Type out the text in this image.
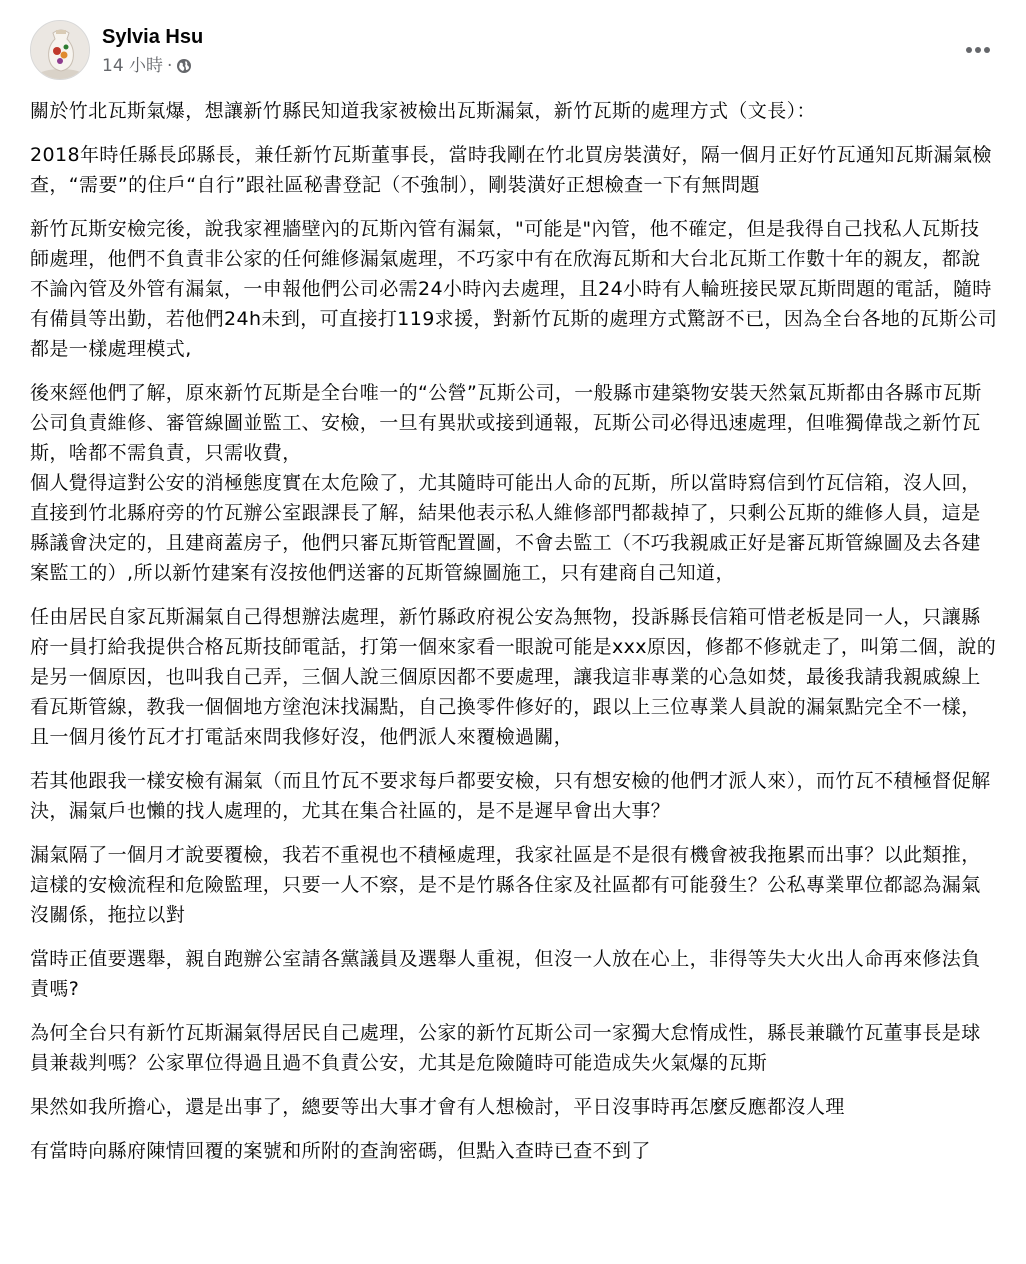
Sylvia Hsu
14 小時 ·

關於竹北瓦斯氣爆，想讓新竹縣民知道我家被檢出瓦斯漏氣，新竹瓦斯的處理方式（文長）：

2018年時任縣長邱縣長，兼任新竹瓦斯董事長，當時我剛在竹北買房裝潢好，隔一個月正好竹瓦通知瓦斯漏氣檢查，“需要”的住戶“自行”跟社區秘書登記（不強制），剛裝潢好正想檢查一下有無問題

新竹瓦斯安檢完後，說我家裡牆壁內的瓦斯內管有漏氣，"可能是"內管，他不確定，但是我得自己找私人瓦斯技師處理，他們不負責非公家的任何維修漏氣處理，不巧家中有在欣海瓦斯和大台北瓦斯工作數十年的親友，都說不論內管及外管有漏氣，一申報他們公司必需24小時內去處理，且24小時有人輪班接民眾瓦斯問題的電話，隨時有備員等出勤，若他們24h未到，可直接打119求援，對新竹瓦斯的處理方式驚訝不已，因為全台各地的瓦斯公司都是一樣處理模式,

後來經他們了解，原來新竹瓦斯是全台唯一的“公營”瓦斯公司，一般縣市建築物安裝天然氣瓦斯都由各縣市瓦斯公司負責維修、審管線圖並監工、安檢，一旦有異狀或接到通報，瓦斯公司必得迅速處理，但唯獨偉哉之新竹瓦斯，啥都不需負責，只需收費，

個人覺得這對公安的消極態度實在太危險了，尤其隨時可能出人命的瓦斯，所以當時寫信到竹瓦信箱，沒人回，直接到竹北縣府旁的竹瓦辦公室跟課長了解，結果他表示私人維修部門都裁掉了，只剩公瓦斯的維修人員，這是縣議會決定的，且建商蓋房子，他們只審瓦斯管配置圖，不會去監工（不巧我親戚正好是審瓦斯管線圖及去各建案監工的）,所以新竹建案有沒按他們送審的瓦斯管線圖施工，只有建商自己知道，

任由居民自家瓦斯漏氣自己得想辦法處理，新竹縣政府視公安為無物，投訴縣長信箱可惜老板是同一人，只讓縣府一員打給我提供合格瓦斯技師電話，打第一個來家看一眼說可能是xxx原因，修都不修就走了，叫第二個，說的是另一個原因，也叫我自己弄，三個人說三個原因都不要處理，讓我這非專業的心急如焚，最後我請我親戚線上看瓦斯管線，教我一個個地方塗泡沫找漏點，自己換零件修好的，跟以上三位專業人員說的漏氣點完全不一樣，且一個月後竹瓦才打電話來問我修好沒，他們派人來覆檢過關，

若其他跟我一樣安檢有漏氣（而且竹瓦不要求每戶都要安檢，只有想安檢的他們才派人來），而竹瓦不積極督促解決，漏氣戶也懶的找人處理的，尤其在集合社區的，是不是遲早會出大事？

漏氣隔了一個月才說要覆檢，我若不重視也不積極處理，我家社區是不是很有機會被我拖累而出事？以此類推，這樣的安檢流程和危險監理，只要一人不察，是不是竹縣各住家及社區都有可能發生？公私專業單位都認為漏氣沒關係，拖拉以對

當時正值要選舉，親自跑辦公室請各黨議員及選舉人重視，但沒一人放在心上，非得等失大火出人命再來修法負責嗎?

為何全台只有新竹瓦斯漏氣得居民自己處理，公家的新竹瓦斯公司一家獨大怠惰成性，縣長兼職竹瓦董事長是球員兼裁判嗎？公家單位得過且過不負責公安，尤其是危險隨時可能造成失火氣爆的瓦斯

果然如我所擔心，還是出事了，總要等出大事才會有人想檢討，平日沒事時再怎麼反應都沒人理

有當時向縣府陳情回覆的案號和所附的查詢密碼，但點入查時已查不到了
